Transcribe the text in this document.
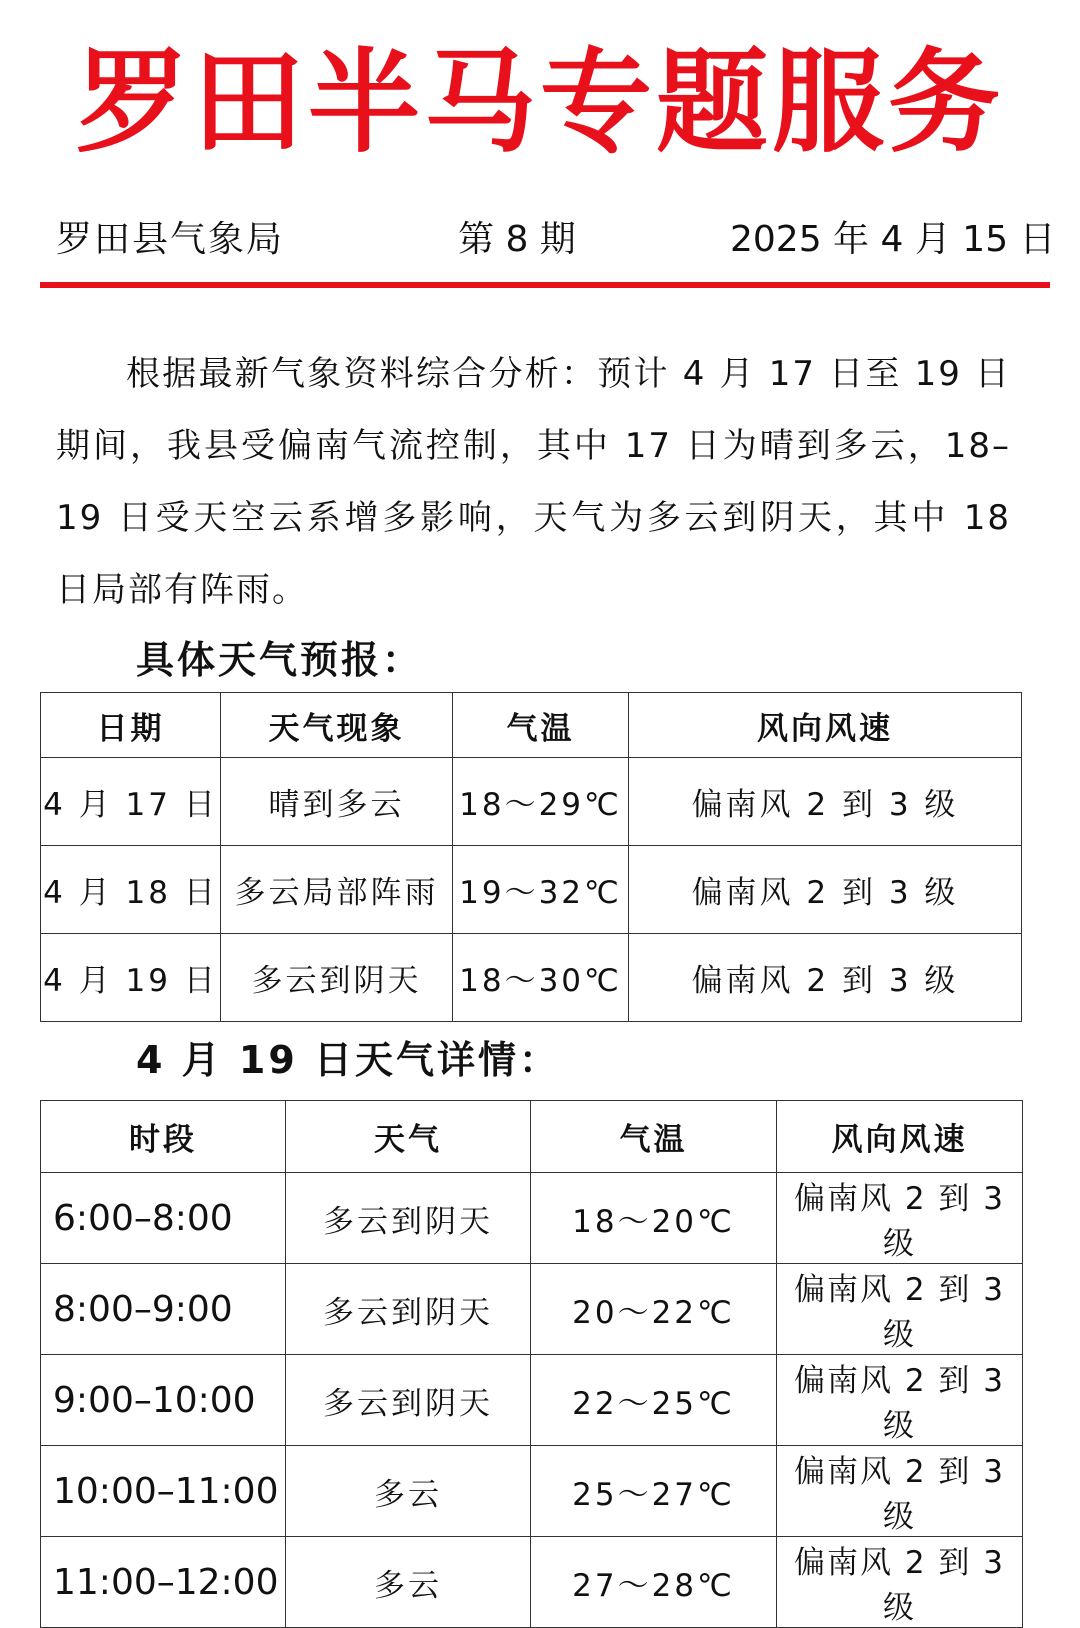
罗田半马专题服务
罗田县气象局	第 8 期	2025 年 4 月 15 日

根据最新气象资料综合分析：预计 4 月 17 日至 19 日期间，我县受偏南气流控制，其中 17 日为晴到多云，18–19 日受天空云系增多影响，天气为多云到阴天，其中 18 日局部有阵雨。

具体天气预报：
日期	天气现象	气温	风向风速
4 月 17 日	晴到多云	18～29℃	偏南风 2 到 3 级
4 月 18 日	多云局部阵雨	19～32℃	偏南风 2 到 3 级
4 月 19 日	多云到阴天	18～30℃	偏南风 2 到 3 级
4 月 19 日天气详情：
时段	天气	气温	风向风速
6:00–8:00	多云到阴天	18～20℃	偏南风 2 到 3 级
8:00–9:00	多云到阴天	20～22℃	偏南风 2 到 3 级
9:00–10:00	多云到阴天	22～25℃	偏南风 2 到 3 级
10:00–11:00	多云	25～27℃	偏南风 2 到 3 级
11:00–12:00	多云	27～28℃	偏南风 2 到 3 级
